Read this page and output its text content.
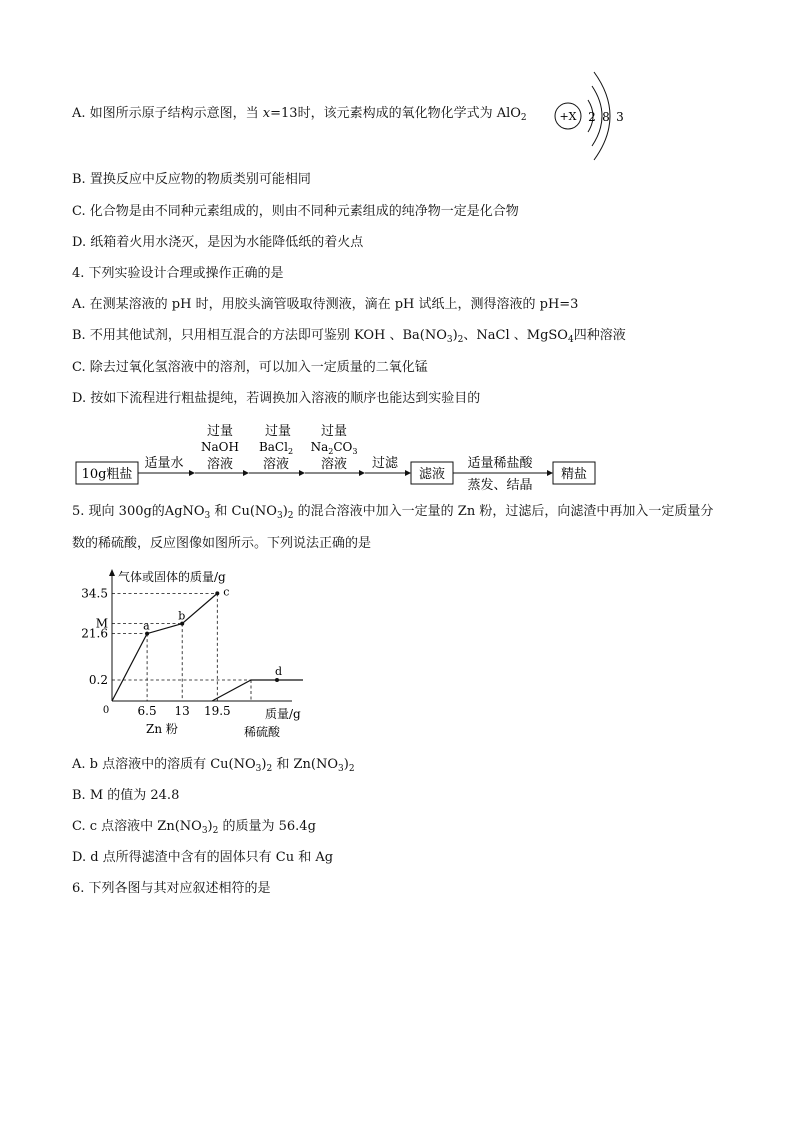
A. 如图所示原子结构示意图，当 x=13时，该元素构成的氧化物化学式为 AlO$_2$	+X 2 8 3
B. 置换反应中反应物的物质类别可能相同
C. 化合物是由不同种元素组成的，则由不同种元素组成的纯净物一定是化合物
D. 纸箱着火用水浇灭，是因为水能降低纸的着火点
4. 下列实验设计合理或操作正确的是
A. 在测某溶液的 pH 时，用胶头滴管吸取待测液，滴在 pH 试纸上，测得溶液的 pH=3
B. 不用其他试剂，只用相互混合的方法即可鉴别 KOH 、$Ba(NO_3)_2$、NaCl 、MgSO$_4$四种溶液
C. 除去过氧化氢溶液中的溶剂，可以加入一定质量的二氧化锰
D. 按如下流程进行粗盐提纯，若调换加入溶液的顺序也能达到实验目的
10g粗盐
适量水
过量
NaOH
溶液
过量
BaCl$_2$
溶液
过量
$Na_2CO_3$
溶液 过滤
滤液
适量稀盐酸
蒸发、结晶
精盐
5. 现向 300g的AgNO$_3$ 和 $Cu(NO_3)_2$ 的混合溶液中加入一定量的 Zn 粉，过滤后，向滤渣中再加入一定质量分
数的稀硫酸，反应图像如图所示。下列说法正确的是
气体或固体的质量/g
质量/g
Zn 粉	稀硫酸
34.5
M
21.6
0.2
0 6.5 13 19.5
a
b
c
d
A. b 点溶液中的溶质有 $Cu(NO_3)_2$ 和 $Zn(NO_3)_2$
B. M 的值为 24.8
C. c 点溶液中 $Zn(NO_3)_2$ 的质量为 56.4g
D. d 点所得滤渣中含有的固体只有 Cu 和 Ag
6. 下列各图与其对应叙述相符的是
